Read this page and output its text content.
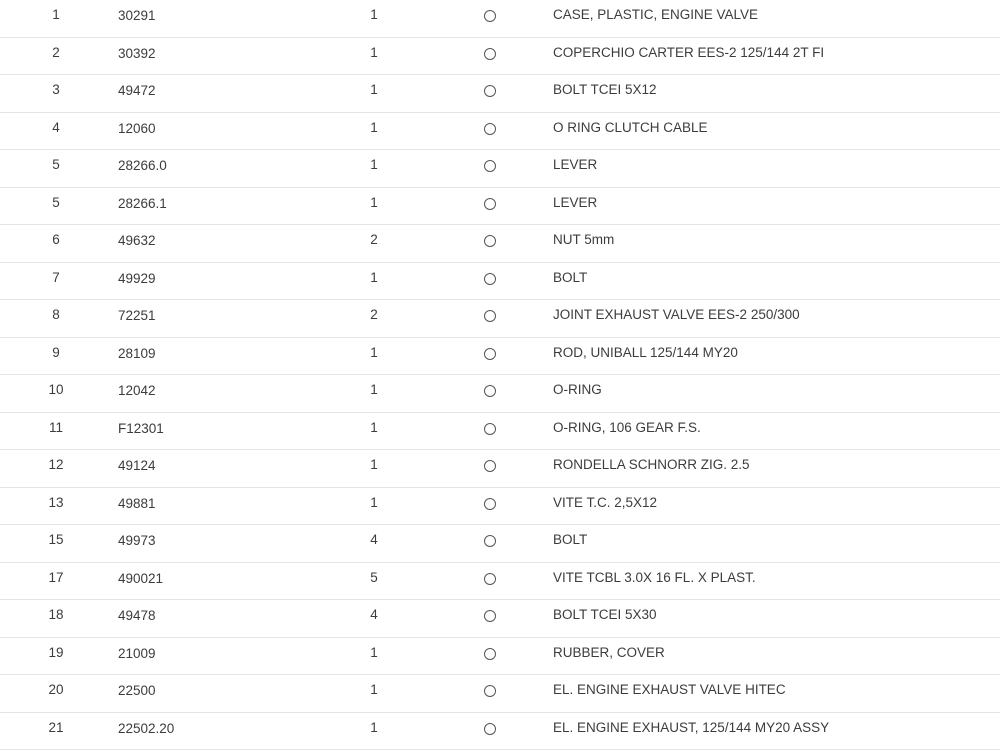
1	30291	1	CASE, PLASTIC, ENGINE VALVE
2	30392	1	COPERCHIO CARTER EES-2 125/144 2T FI
3	49472	1	BOLT TCEI 5X12
4	12060	1	O RING CLUTCH CABLE
5	28266.0	1	LEVER
5	28266.1	1	LEVER
6	49632	2	NUT 5mm
7	49929	1	BOLT
8	72251	2	JOINT EXHAUST VALVE EES-2 250/300
9	28109	1	ROD, UNIBALL 125/144 MY20
10	12042	1	O-RING
11	F12301	1	O-RING, 106 GEAR F.S.
12	49124	1	RONDELLA SCHNORR ZIG. 2.5
13	49881	1	VITE T.C. 2,5X12
15	49973	4	BOLT
17	490021	5	VITE TCBL 3.0X 16 FL. X PLAST.
18	49478	4	BOLT TCEI 5X30
19	21009	1	RUBBER, COVER
20	22500	1	EL. ENGINE EXHAUST VALVE HITEC
21	22502.20	1	EL. ENGINE EXHAUST, 125/144 MY20 ASSY
